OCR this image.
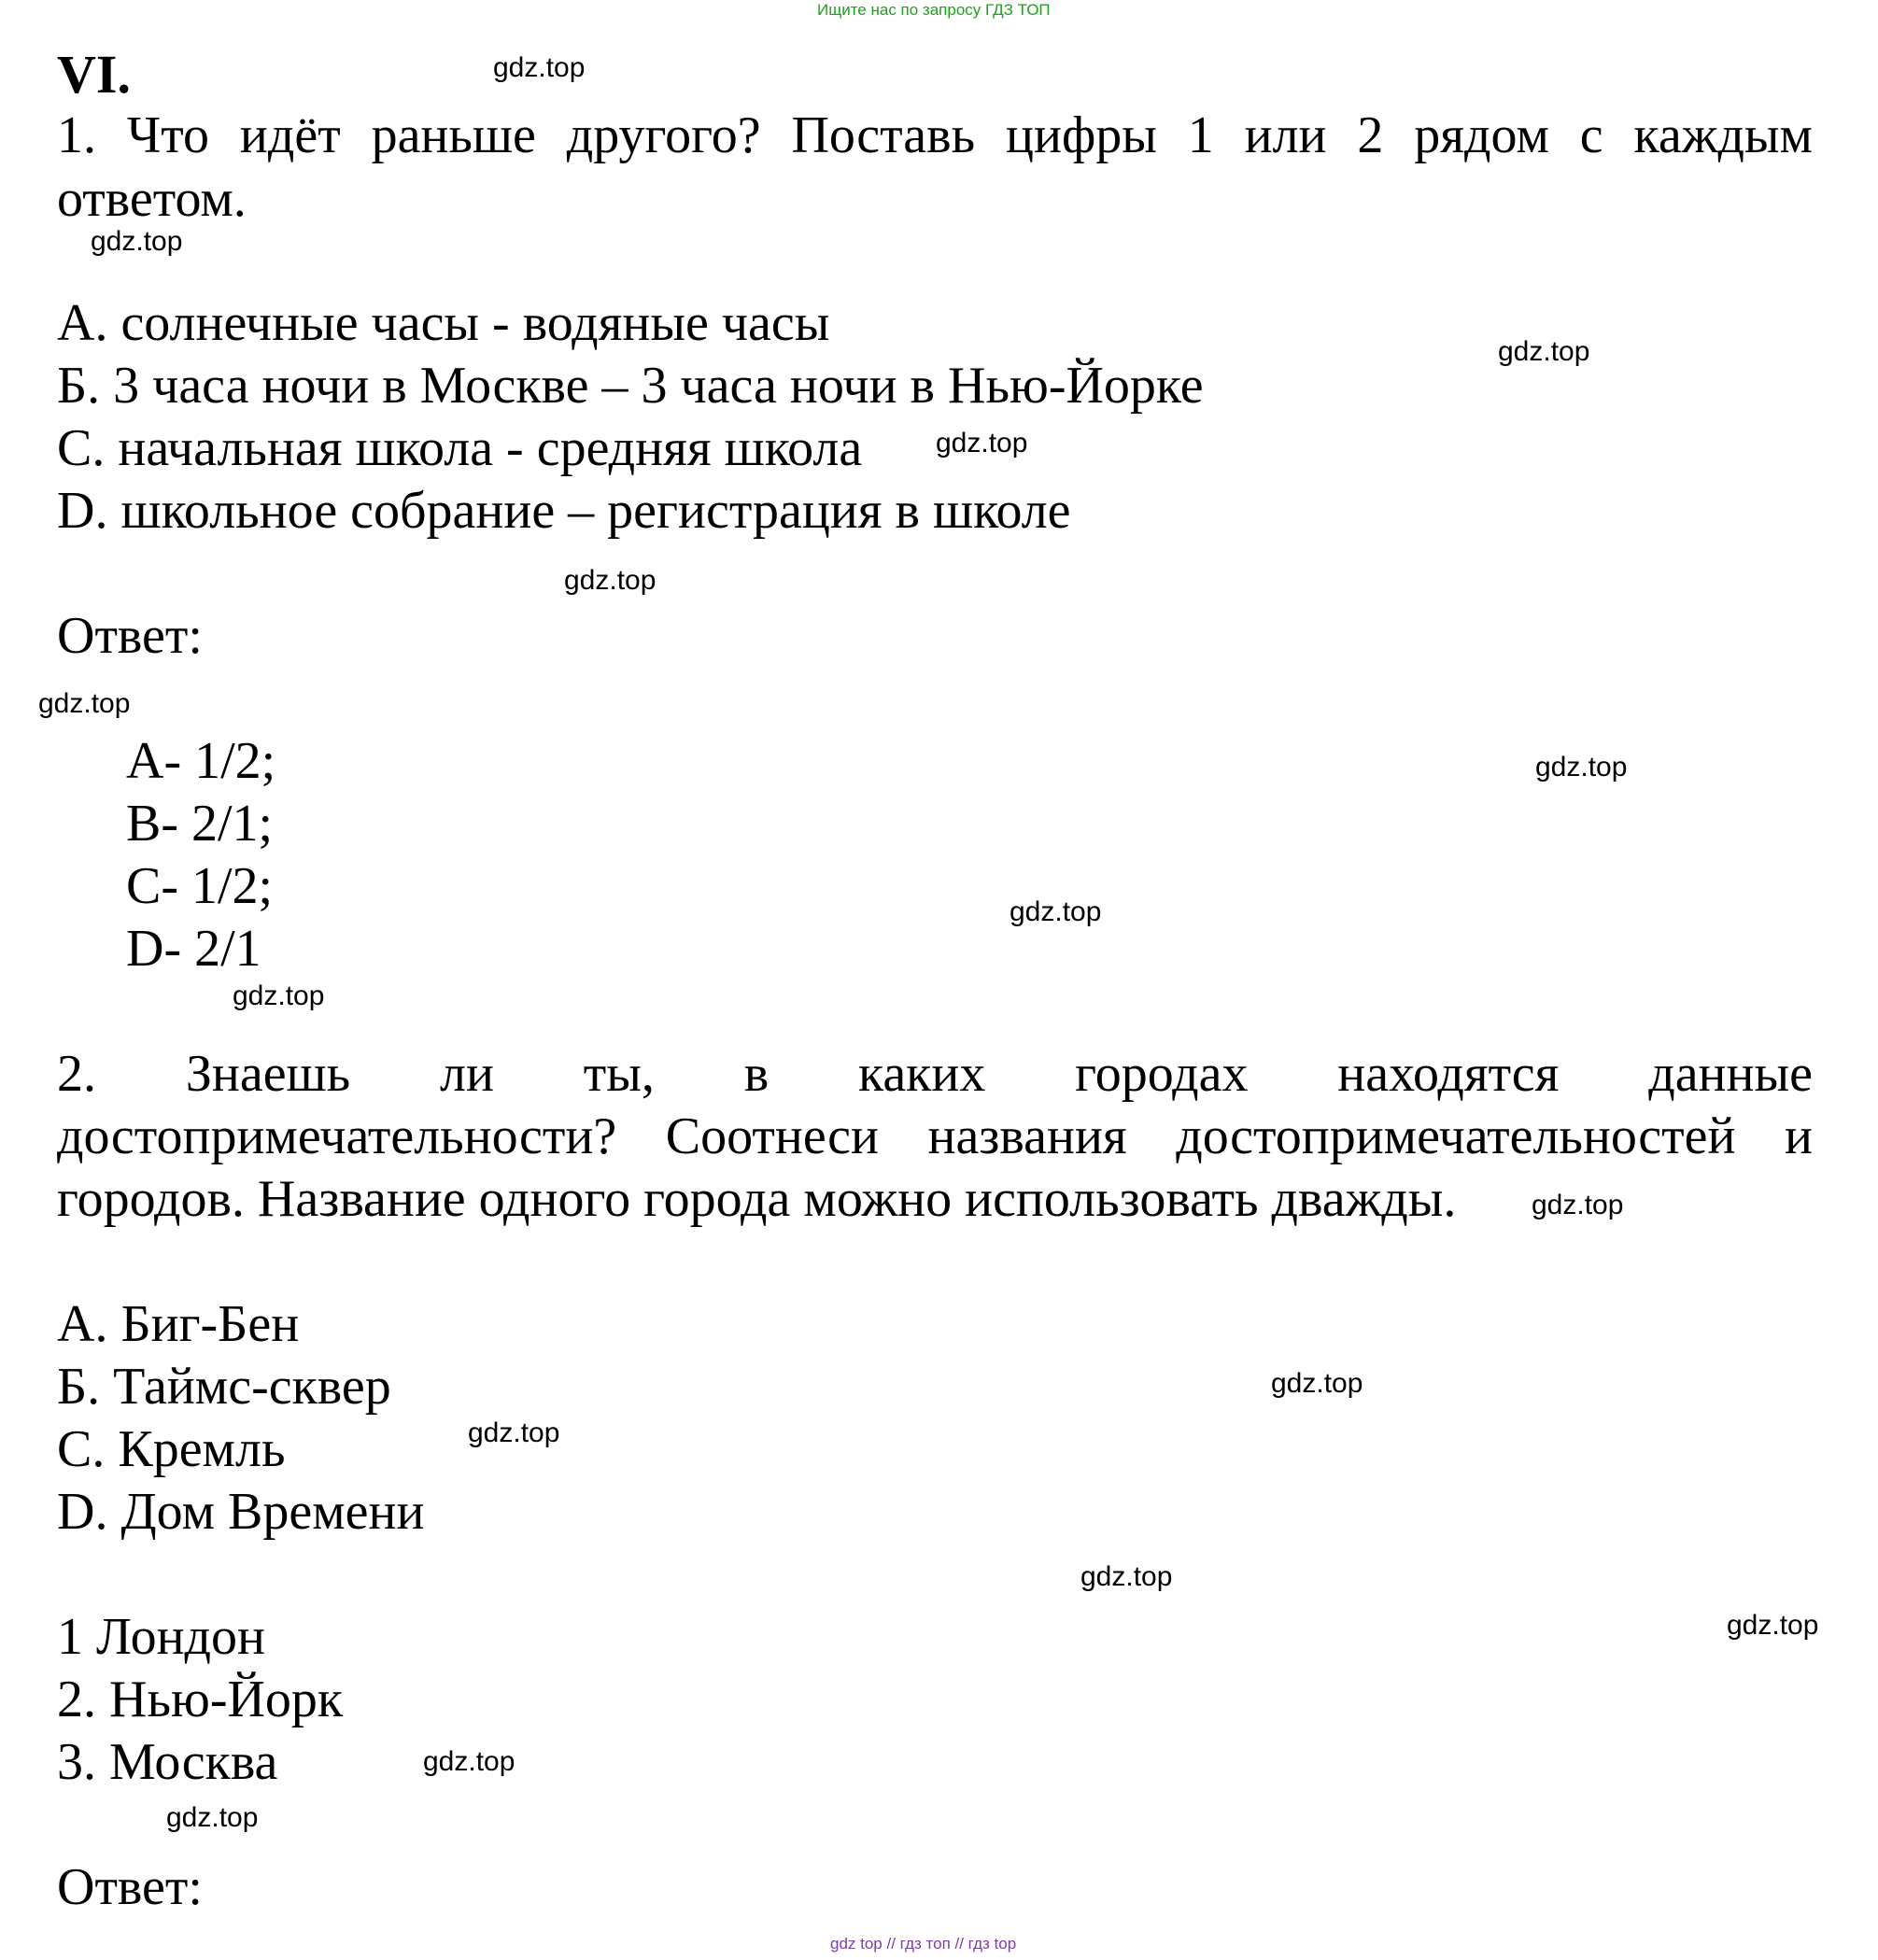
Ищите нас по запросу ГДЗ ТОП
VI.
1. Что идёт раньше другого? Поставь цифры 1 или 2 рядом с каждым
ответом.
А. солнечные часы - водяные часы
Б. 3 часа ночи в Москве – 3 часа ночи в Нью-Йорке
С. начальная школа - средняя школа
D. школьное собрание – регистрация в школе
Ответ:
A- 1/2;
B- 2/1;
C- 1/2;
D- 2/1
2. Знаешь ли ты, в каких городах находятся данные
достопримечательности? Соотнеси названия достопримечательностей и
городов. Название одного города можно использовать дважды.
А. Биг-Бен
Б. Таймс-сквер
С. Кремль
D. Дом Времени
1 Лондон
2. Нью-Йорк
3. Москва
Ответ:
gdz.top
gdz.top
gdz.top
gdz.top
gdz.top
gdz.top
gdz.top
gdz.top
gdz.top
gdz.top
gdz.top
gdz.top
gdz.top
gdz.top
gdz.top
gdz.top
gdz top // гдз топ // гдз top
